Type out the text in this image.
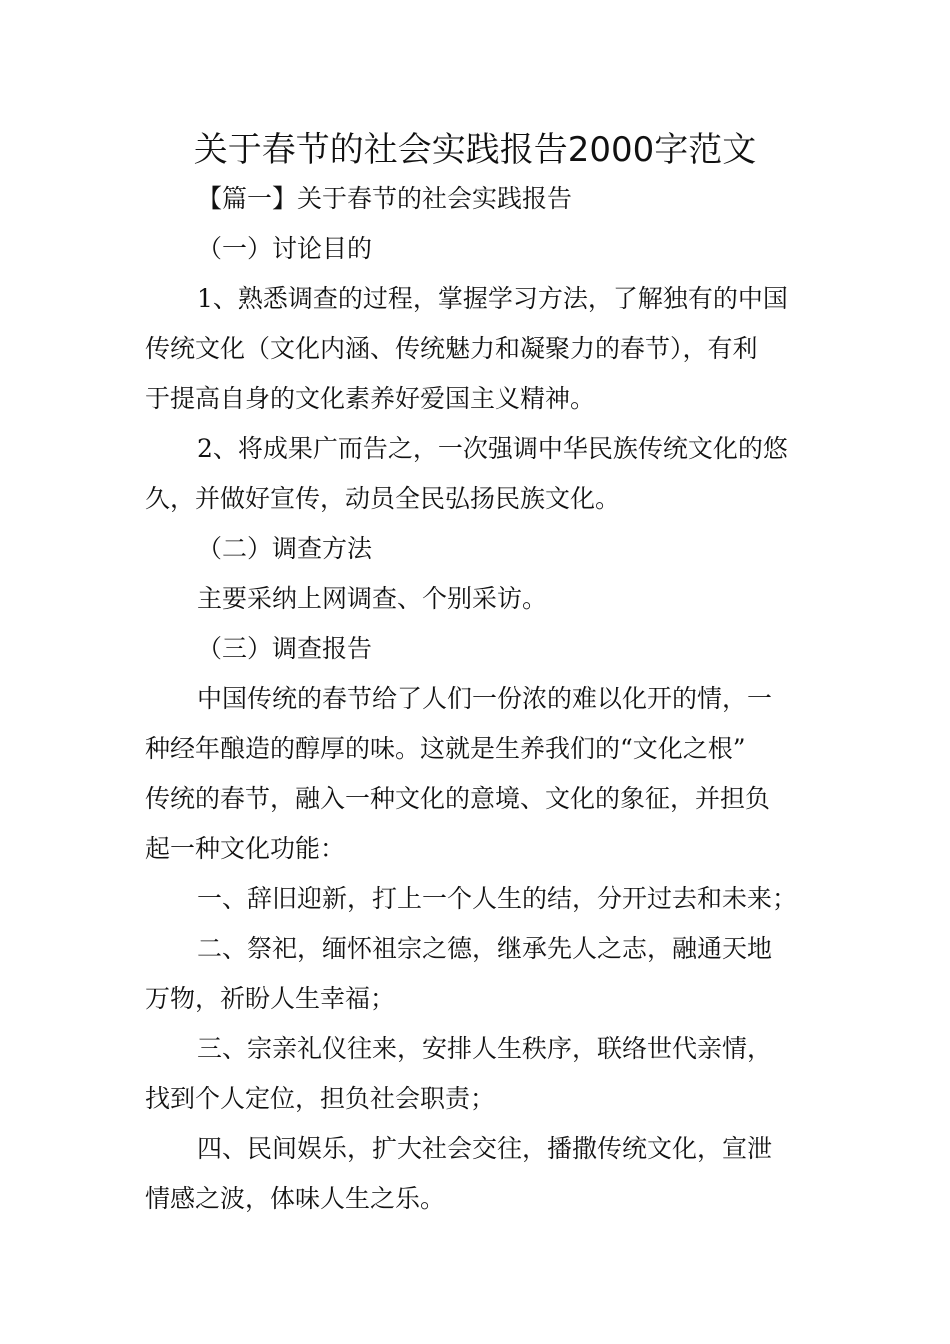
关于春节的社会实践报告2000字范文
【篇一】关于春节的社会实践报告
（一）讨论目的
1、熟悉调查的过程，掌握学习方法，了解独有的中国
传统文化（文化内涵、传统魅力和凝聚力的春节），有利
于提高自身的文化素养好爱国主义精神。
2、将成果广而告之，一次强调中华民族传统文化的悠
久，并做好宣传，动员全民弘扬民族文化。
（二）调查方法
主要采纳上网调查、个别采访。
（三）调查报告
中国传统的春节给了人们一份浓的难以化开的情，一
种经年酿造的醇厚的味。这就是生养我们的“文化之根”
传统的春节，融入一种文化的意境、文化的象征，并担负
起一种文化功能：
一、辞旧迎新，打上一个人生的结，分开过去和未来；
二、祭祀，缅怀祖宗之德，继承先人之志，融通天地
万物，祈盼人生幸福；
三、宗亲礼仪往来，安排人生秩序，联络世代亲情，
找到个人定位，担负社会职责；
四、民间娱乐，扩大社会交往，播撒传统文化，宣泄
情感之波，体味人生之乐。
